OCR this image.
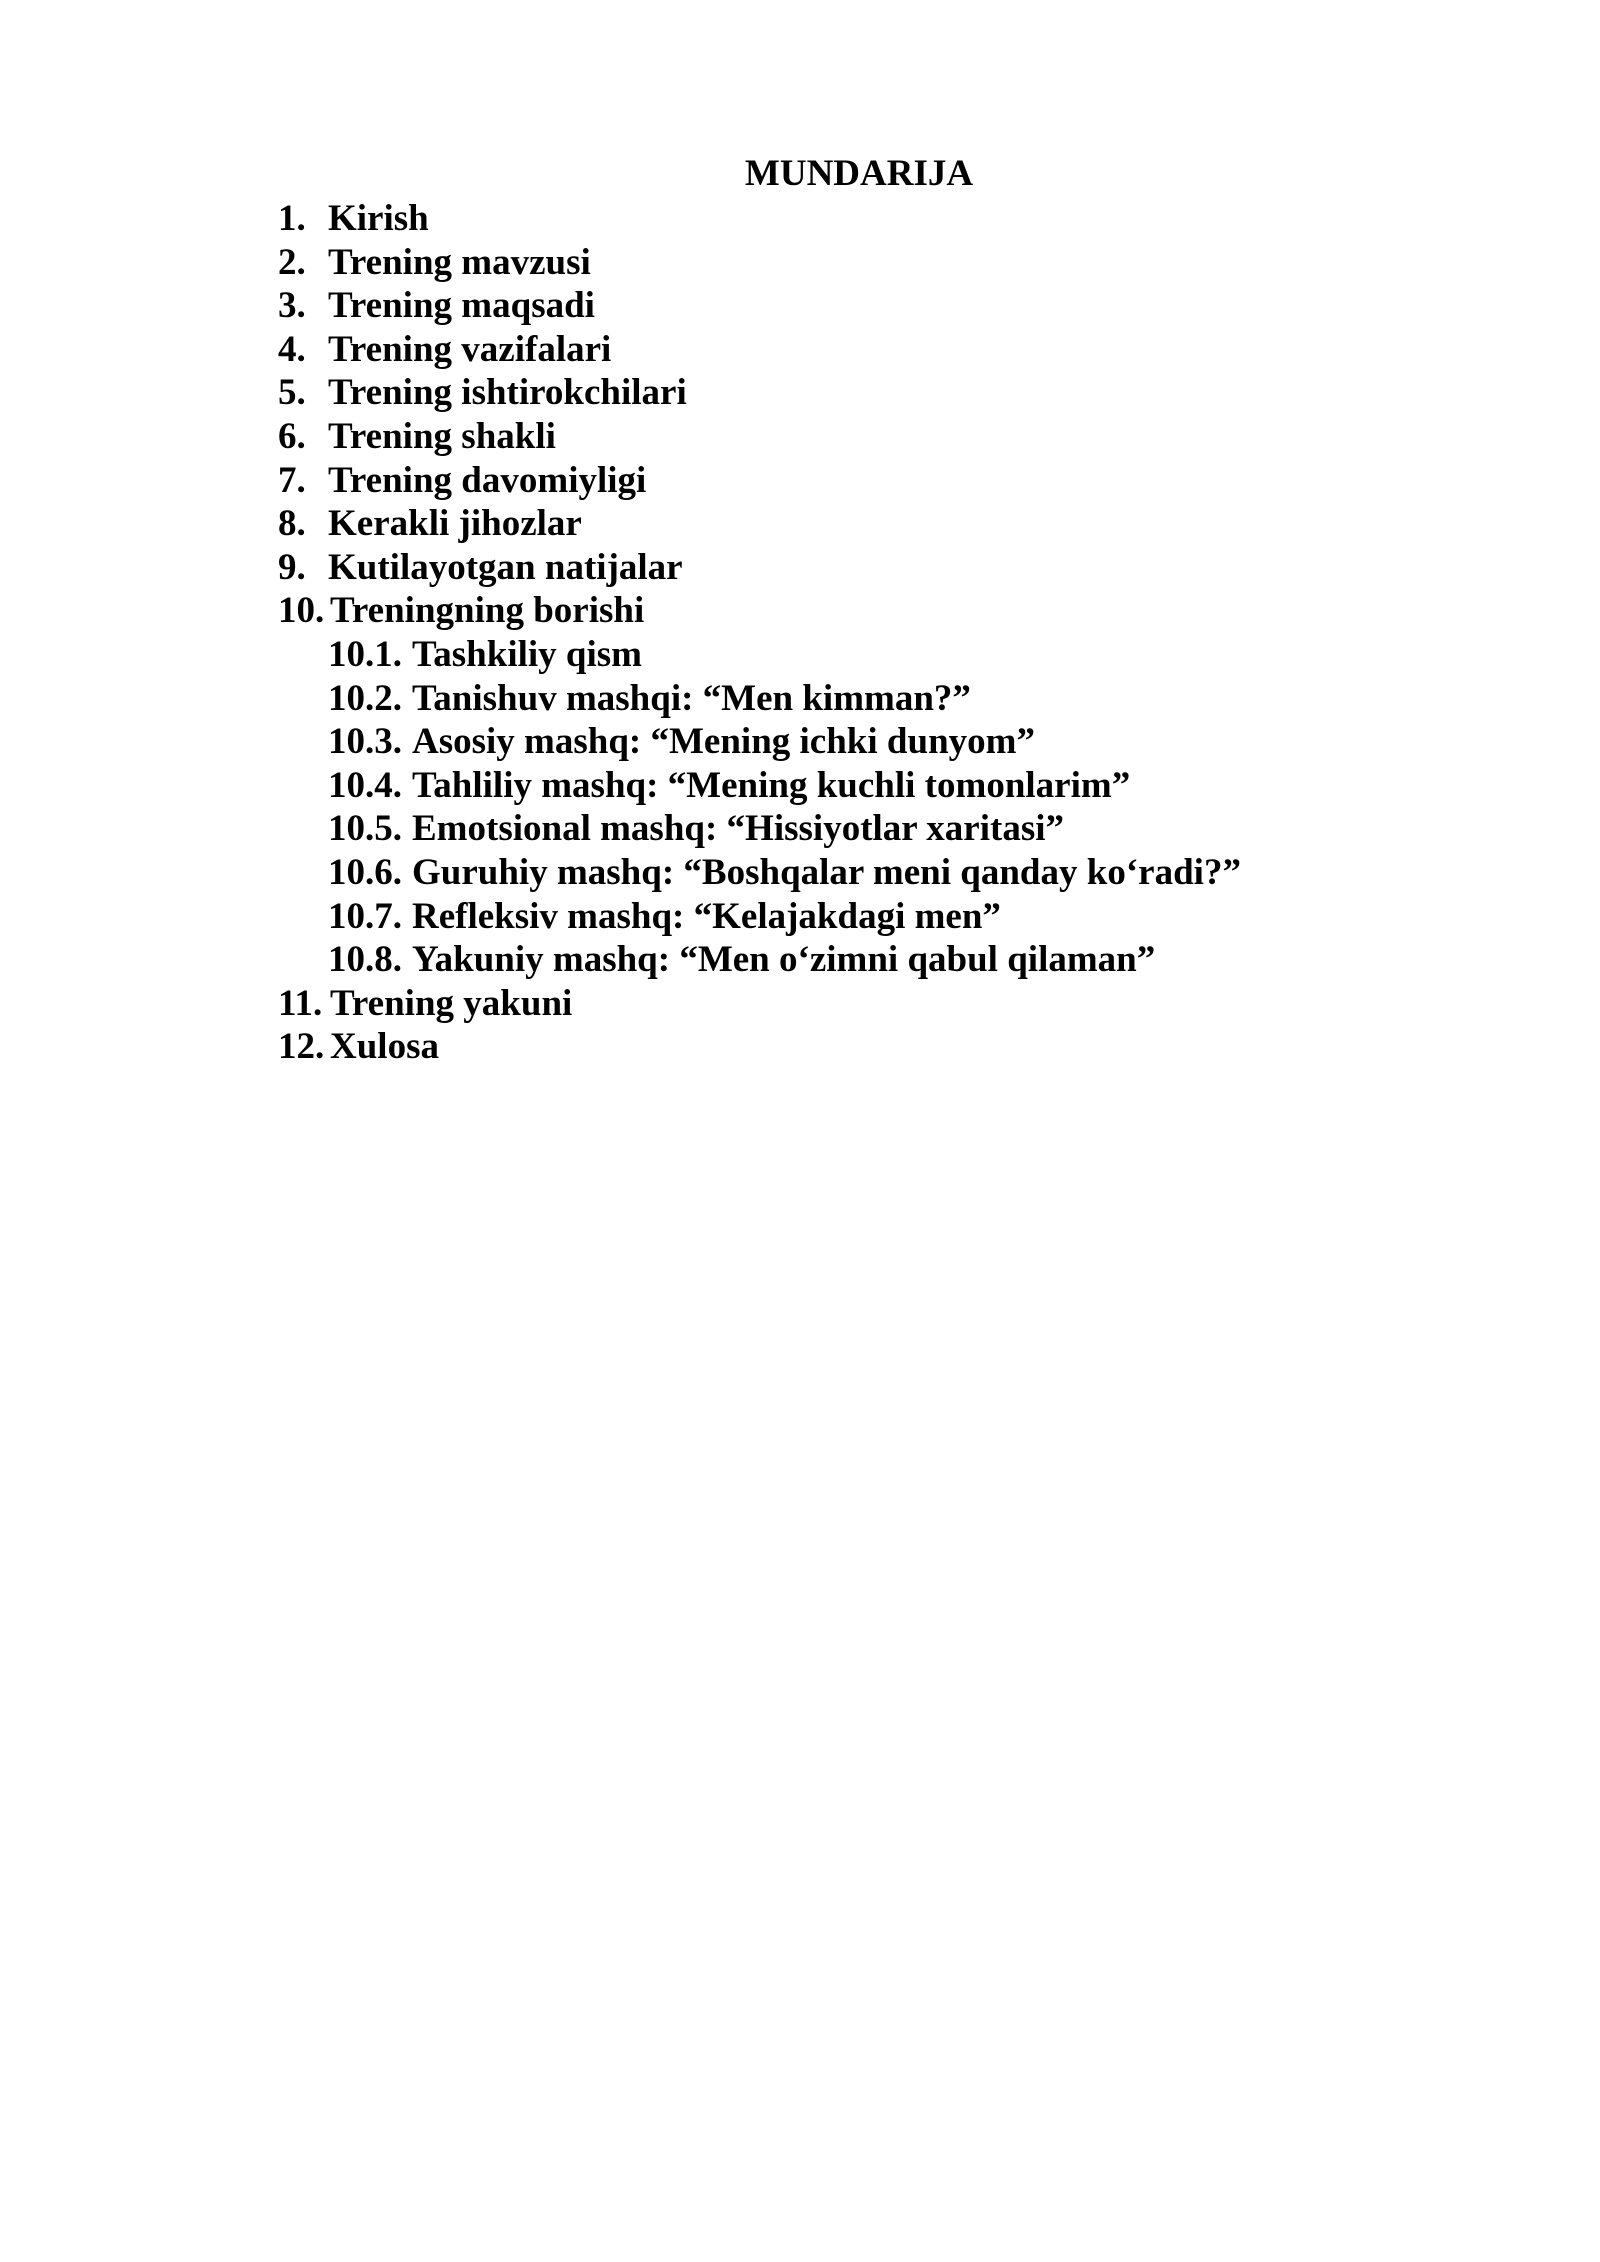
MUNDARIJA
1. Kirish
2. Trening mavzusi
3. Trening maqsadi
4. Trening vazifalari
5. Trening ishtirokchilari
6. Trening shakli
7. Trening davomiyligi
8. Kerakli jihozlar
9. Kutilayotgan natijalar
10. Treningning borishi
10.1. Tashkiliy qism
10.2. Tanishuv mashqi: “Men kimman?”
10.3. Asosiy mashq: “Mening ichki dunyom”
10.4. Tahliliy mashq: “Mening kuchli tomonlarim”
10.5. Emotsional mashq: “Hissiyotlar xaritasi”
10.6. Guruhiy mashq: “Boshqalar meni qanday ko‘radi?”
10.7. Refleksiv mashq: “Kelajakdagi men”
10.8. Yakuniy mashq: “Men o‘zimni qabul qilaman”
11. Trening yakuni
12. Xulosa
